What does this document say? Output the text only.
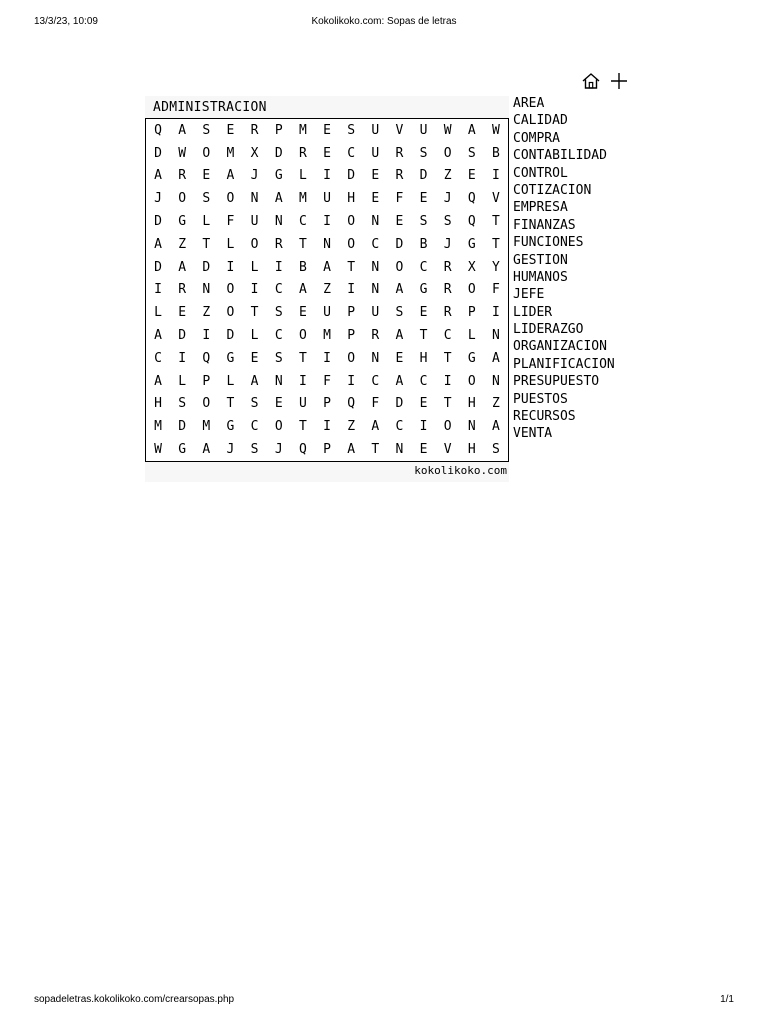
13/3/23, 10:09	Kokolikoko.com: Sopas de letras
ADMINISTRACION
Q	A	S	E	R	P	M	E	S	U	V	U	W	A	W
D	W	O	M	X	D	R	E	C	U	R	S	O	S	B
A	R	E	A	J	G	L	I	D	E	R	D	Z	E	I
J	O	S	O	N	A	M	U	H	E	F	E	J	Q	V
D	G	L	F	U	N	C	I	O	N	E	S	S	Q	T
A	Z	T	L	O	R	T	N	O	C	D	B	J	G	T
D	A	D	I	L	I	B	A	T	N	O	C	R	X	Y
I	R	N	O	I	C	A	Z	I	N	A	G	R	O	F
L	E	Z	O	T	S	E	U	P	U	S	E	R	P	I
A	D	I	D	L	C	O	M	P	R	A	T	C	L	N
C	I	Q	G	E	S	T	I	O	N	E	H	T	G	A
A	L	P	L	A	N	I	F	I	C	A	C	I	O	N
H	S	O	T	S	E	U	P	Q	F	D	E	T	H	Z
M	D	M	G	C	O	T	I	Z	A	C	I	O	N	A
W	G	A	J	S	J	Q	P	A	T	N	E	V	H	S
kokolikoko.com
AREA
CALIDAD
COMPRA
CONTABILIDAD
CONTROL
COTIZACION
EMPRESA
FINANZAS
FUNCIONES
GESTION
HUMANOS
JEFE
LIDER
LIDERAZGO
ORGANIZACION
PLANIFICACION
PRESUPUESTO
PUESTOS
RECURSOS
VENTA
sopadeletras.kokolikoko.com/crearsopas.php	1/1
